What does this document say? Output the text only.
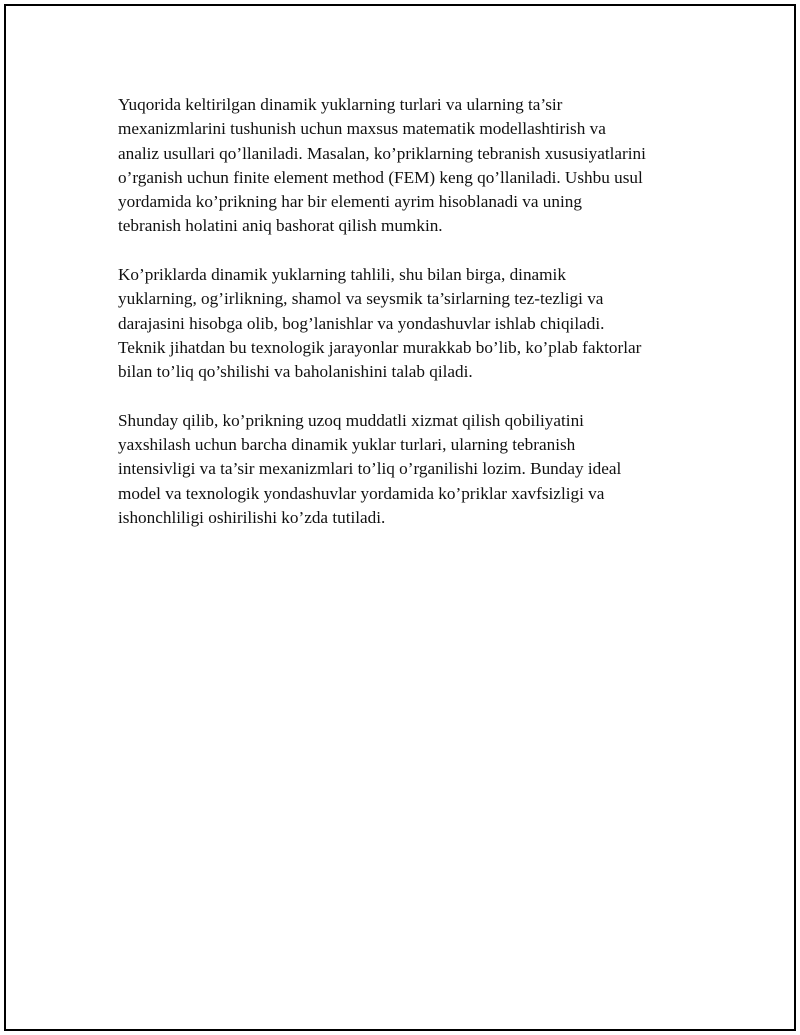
Yuqorida keltirilgan dinamik yuklarning turlari va ularning ta’sir
mexanizmlarini tushunish uchun maxsus matematik modellashtirish va
analiz usullari qo’llaniladi. Masalan, ko’priklarning tebranish xususiyatlarini
o’rganish uchun finite element method (FEM) keng qo’llaniladi. Ushbu usul
yordamida ko’prikning har bir elementi ayrim hisoblanadi va uning
tebranish holatini aniq bashorat qilish mumkin.

Ko’priklarda dinamik yuklarning tahlili, shu bilan birga, dinamik
yuklarning, og’irlikning, shamol va seysmik ta’sirlarning tez-tezligi va
darajasini hisobga olib, bog’lanishlar va yondashuvlar ishlab chiqiladi.
Teknik jihatdan bu texnologik jarayonlar murakkab bo’lib, ko’plab faktorlar
bilan to’liq qo’shilishi va baholanishini talab qiladi.

Shunday qilib, ko’prikning uzoq muddatli xizmat qilish qobiliyatini
yaxshilash uchun barcha dinamik yuklar turlari, ularning tebranish
intensivligi va ta’sir mexanizmlari to’liq o’rganilishi lozim. Bunday ideal
model va texnologik yondashuvlar yordamida ko’priklar xavfsizligi va
ishonchliligi oshirilishi ko’zda tutiladi.
